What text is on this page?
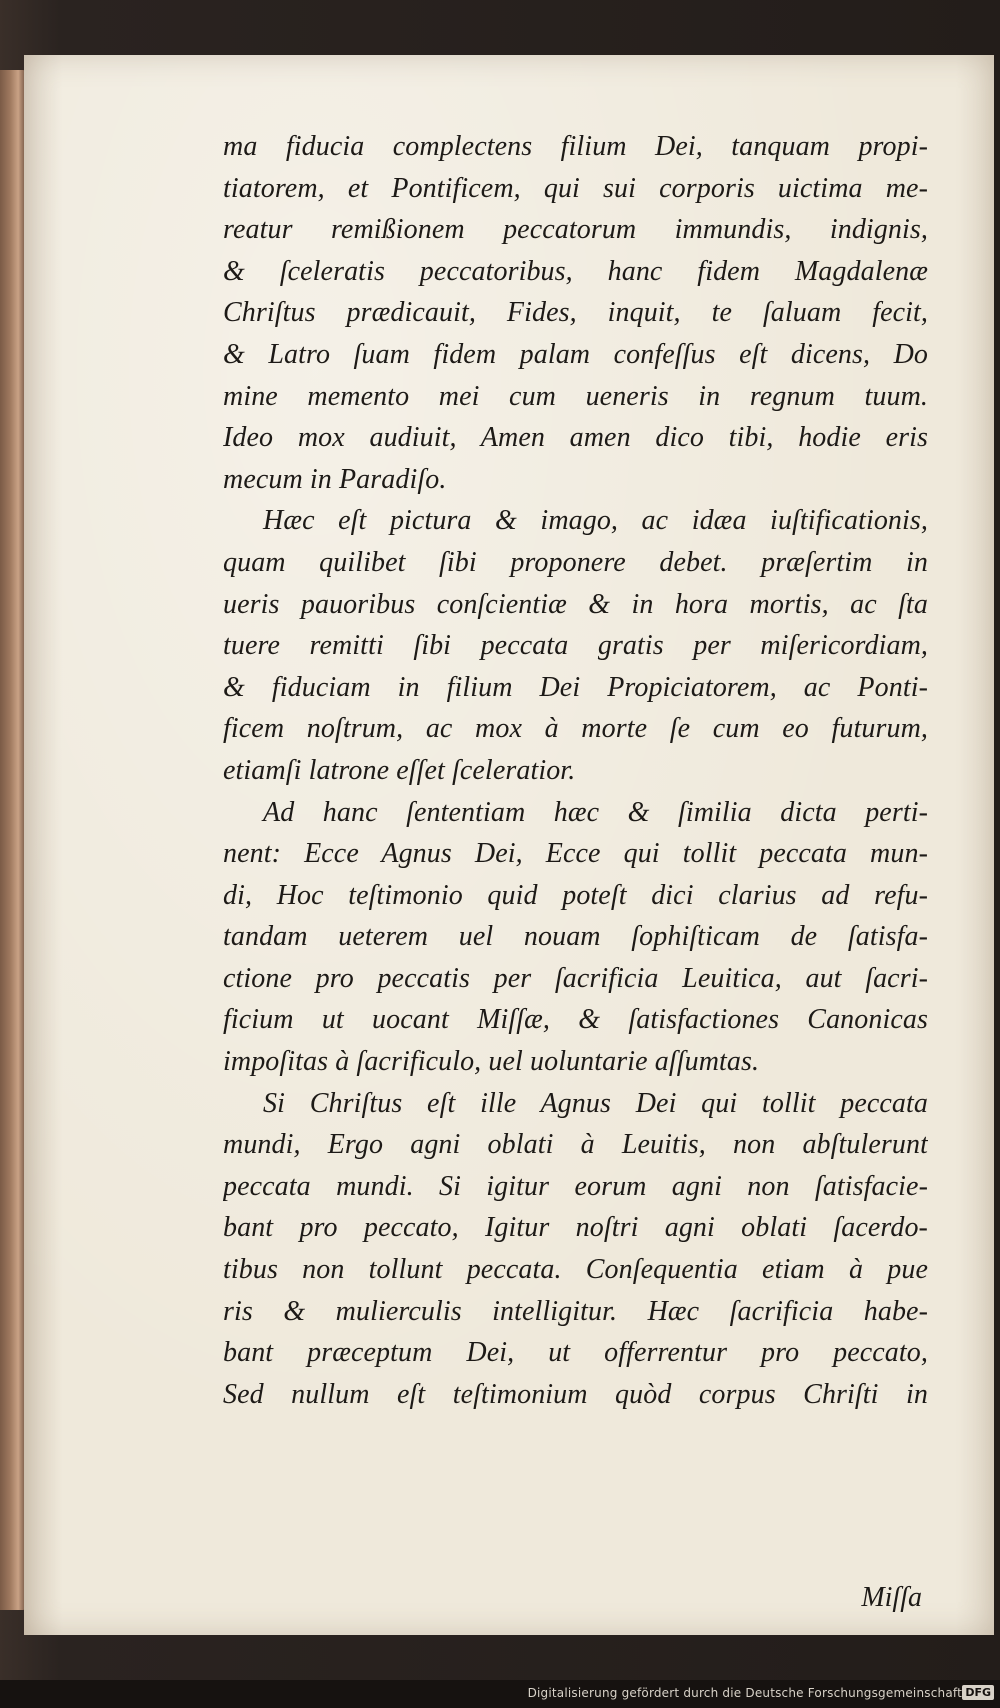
ma fiducia complectens filium Dei, tanquam propi-
tiatorem, et Pontificem, qui sui corporis uictima me-
reatur remißionem peccatorum immundis, indignis,
& ſceleratis peccatoribus, hanc fidem Magdalenæ
Chriſtus prædicauit, Fides, inquit, te ſaluam fecit,
& Latro ſuam fidem palam confeſſus eſt dicens, Do
mine memento mei cum ueneris in regnum tuum.
Ideo mox audiuit, Amen amen dico tibi, hodie eris
mecum in Paradiſo.
Hæc eſt pictura & imago, ac idæa iuſtificationis,
quam quilibet ſibi proponere debet. præſertim in
ueris pauoribus conſcientiæ & in hora mortis, ac ſta
tuere remitti ſibi peccata gratis per miſericordiam,
& fiduciam in filium Dei Propiciatorem, ac Ponti-
ficem noſtrum, ac mox à morte ſe cum eo futurum,
etiamſi latrone eſſet ſceleratior.
Ad hanc ſententiam hæc & ſimilia dicta perti-
nent: Ecce Agnus Dei, Ecce qui tollit peccata mun-
di, Hoc teſtimonio quid poteſt dici clarius ad refu-
tandam ueterem uel nouam ſophiſticam de ſatisfa-
ctione pro peccatis per ſacrificia Leuitica, aut ſacri-
ficium ut uocant Miſſæ, & ſatisfactiones Canonicas
impoſitas à ſacrificulo, uel uoluntarie aſſumtas.
Si Chriſtus eſt ille Agnus Dei qui tollit peccata
mundi, Ergo agni oblati à Leuitis, non abſtulerunt
peccata mundi. Si igitur eorum agni non ſatisfacie-
bant pro peccato, Igitur noſtri agni oblati ſacerdo-
tibus non tollunt peccata. Conſequentia etiam à pue
ris & mulierculis intelligitur. Hæc ſacrificia habe-
bant præceptum Dei, ut offerrentur pro peccato,
Sed nullum eſt teſtimonium quòd corpus Chriſti in
Miſſa
Digitalisierung gefördert durch die Deutsche Forschungsgemeinschaft DFG
